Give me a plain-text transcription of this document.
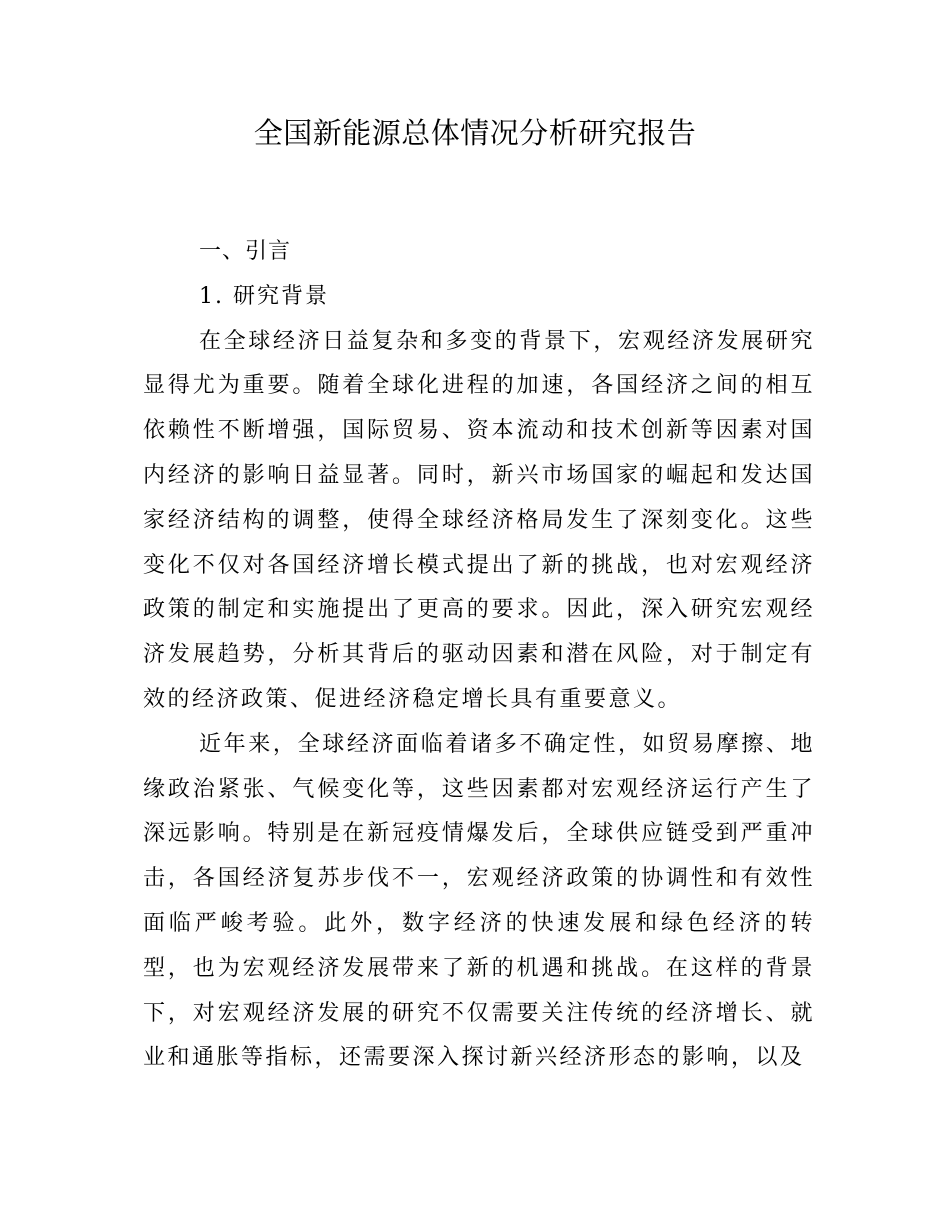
全国新能源总体情况分析研究报告
一、引言
1. 研究背景

在全球经济日益复杂和多变的背景下，宏观经济发展研究显得尤为重要。随着全球化进程的加速，各国经济之间的相互依赖性不断增强，国际贸易、资本流动和技术创新等因素对国内经济的影响日益显著。同时，新兴市场国家的崛起和发达国家经济结构的调整，使得全球经济格局发生了深刻变化。这些变化不仅对各国经济增长模式提出了新的挑战，也对宏观经济政策的制定和实施提出了更高的要求。因此，深入研究宏观经济发展趋势，分析其背后的驱动因素和潜在风险，对于制定有效的经济政策、促进经济稳定增长具有重要意义。

近年来，全球经济面临着诸多不确定性，如贸易摩擦、地缘政治紧张、气候变化等，这些因素都对宏观经济运行产生了深远影响。特别是在新冠疫情爆发后，全球供应链受到严重冲击，各国经济复苏步伐不一，宏观经济政策的协调性和有效性面临严峻考验。此外，数字经济的快速发展和绿色经济的转型，也为宏观经济发展带来了新的机遇和挑战。在这样的背景下，对宏观经济发展的研究不仅需要关注传统的经济增长、就业和通胀等指标，还需要深入探讨新兴经济形态的影响，以及
